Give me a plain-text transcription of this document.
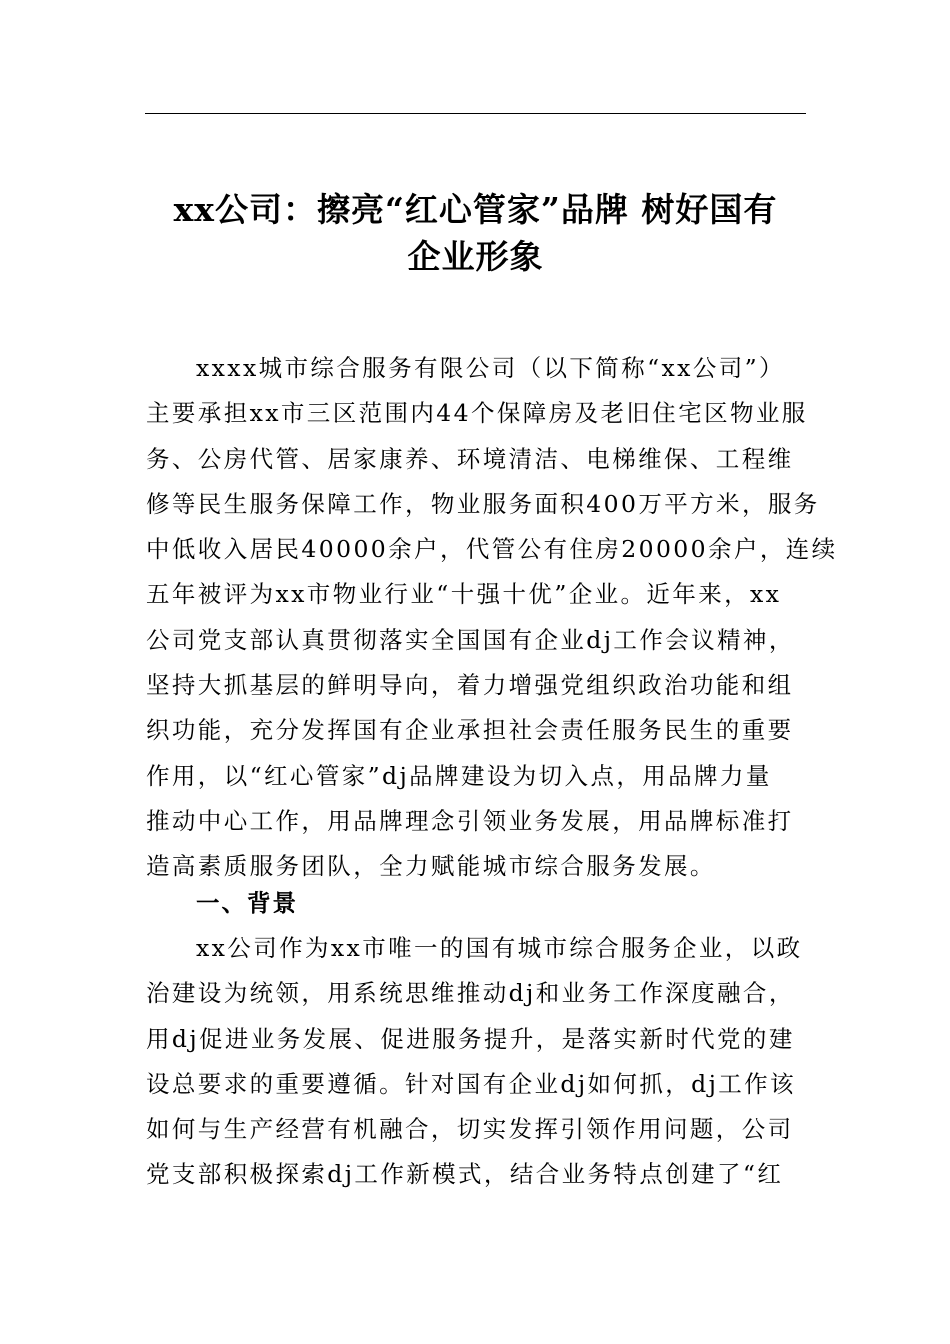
xx公司：擦亮“红心管家”品牌 树好国有
企业形象
xxxx城市综合服务有限公司（以下简称“xx公司”）
主要承担xx市三区范围内44个保障房及老旧住宅区物业服
务、公房代管、居家康养、环境清洁、电梯维保、工程维
修等民生服务保障工作，物业服务面积400万平方米，服务
中低收入居民40000余户，代管公有住房20000余户，连续
五年被评为xx市物业行业“十强十优”企业。近年来，xx
公司党支部认真贯彻落实全国国有企业dj工作会议精神，
坚持大抓基层的鲜明导向，着力增强党组织政治功能和组
织功能，充分发挥国有企业承担社会责任服务民生的重要
作用，以“红心管家”dj品牌建设为切入点，用品牌力量
推动中心工作，用品牌理念引领业务发展，用品牌标准打
造高素质服务团队，全力赋能城市综合服务发展。
一、背景
xx公司作为xx市唯一的国有城市综合服务企业，以政
治建设为统领，用系统思维推动dj和业务工作深度融合，
用dj促进业务发展、促进服务提升，是落实新时代党的建
设总要求的重要遵循。针对国有企业dj如何抓，dj工作该
如何与生产经营有机融合，切实发挥引领作用问题，公司
党支部积极探索dj工作新模式，结合业务特点创建了“红
